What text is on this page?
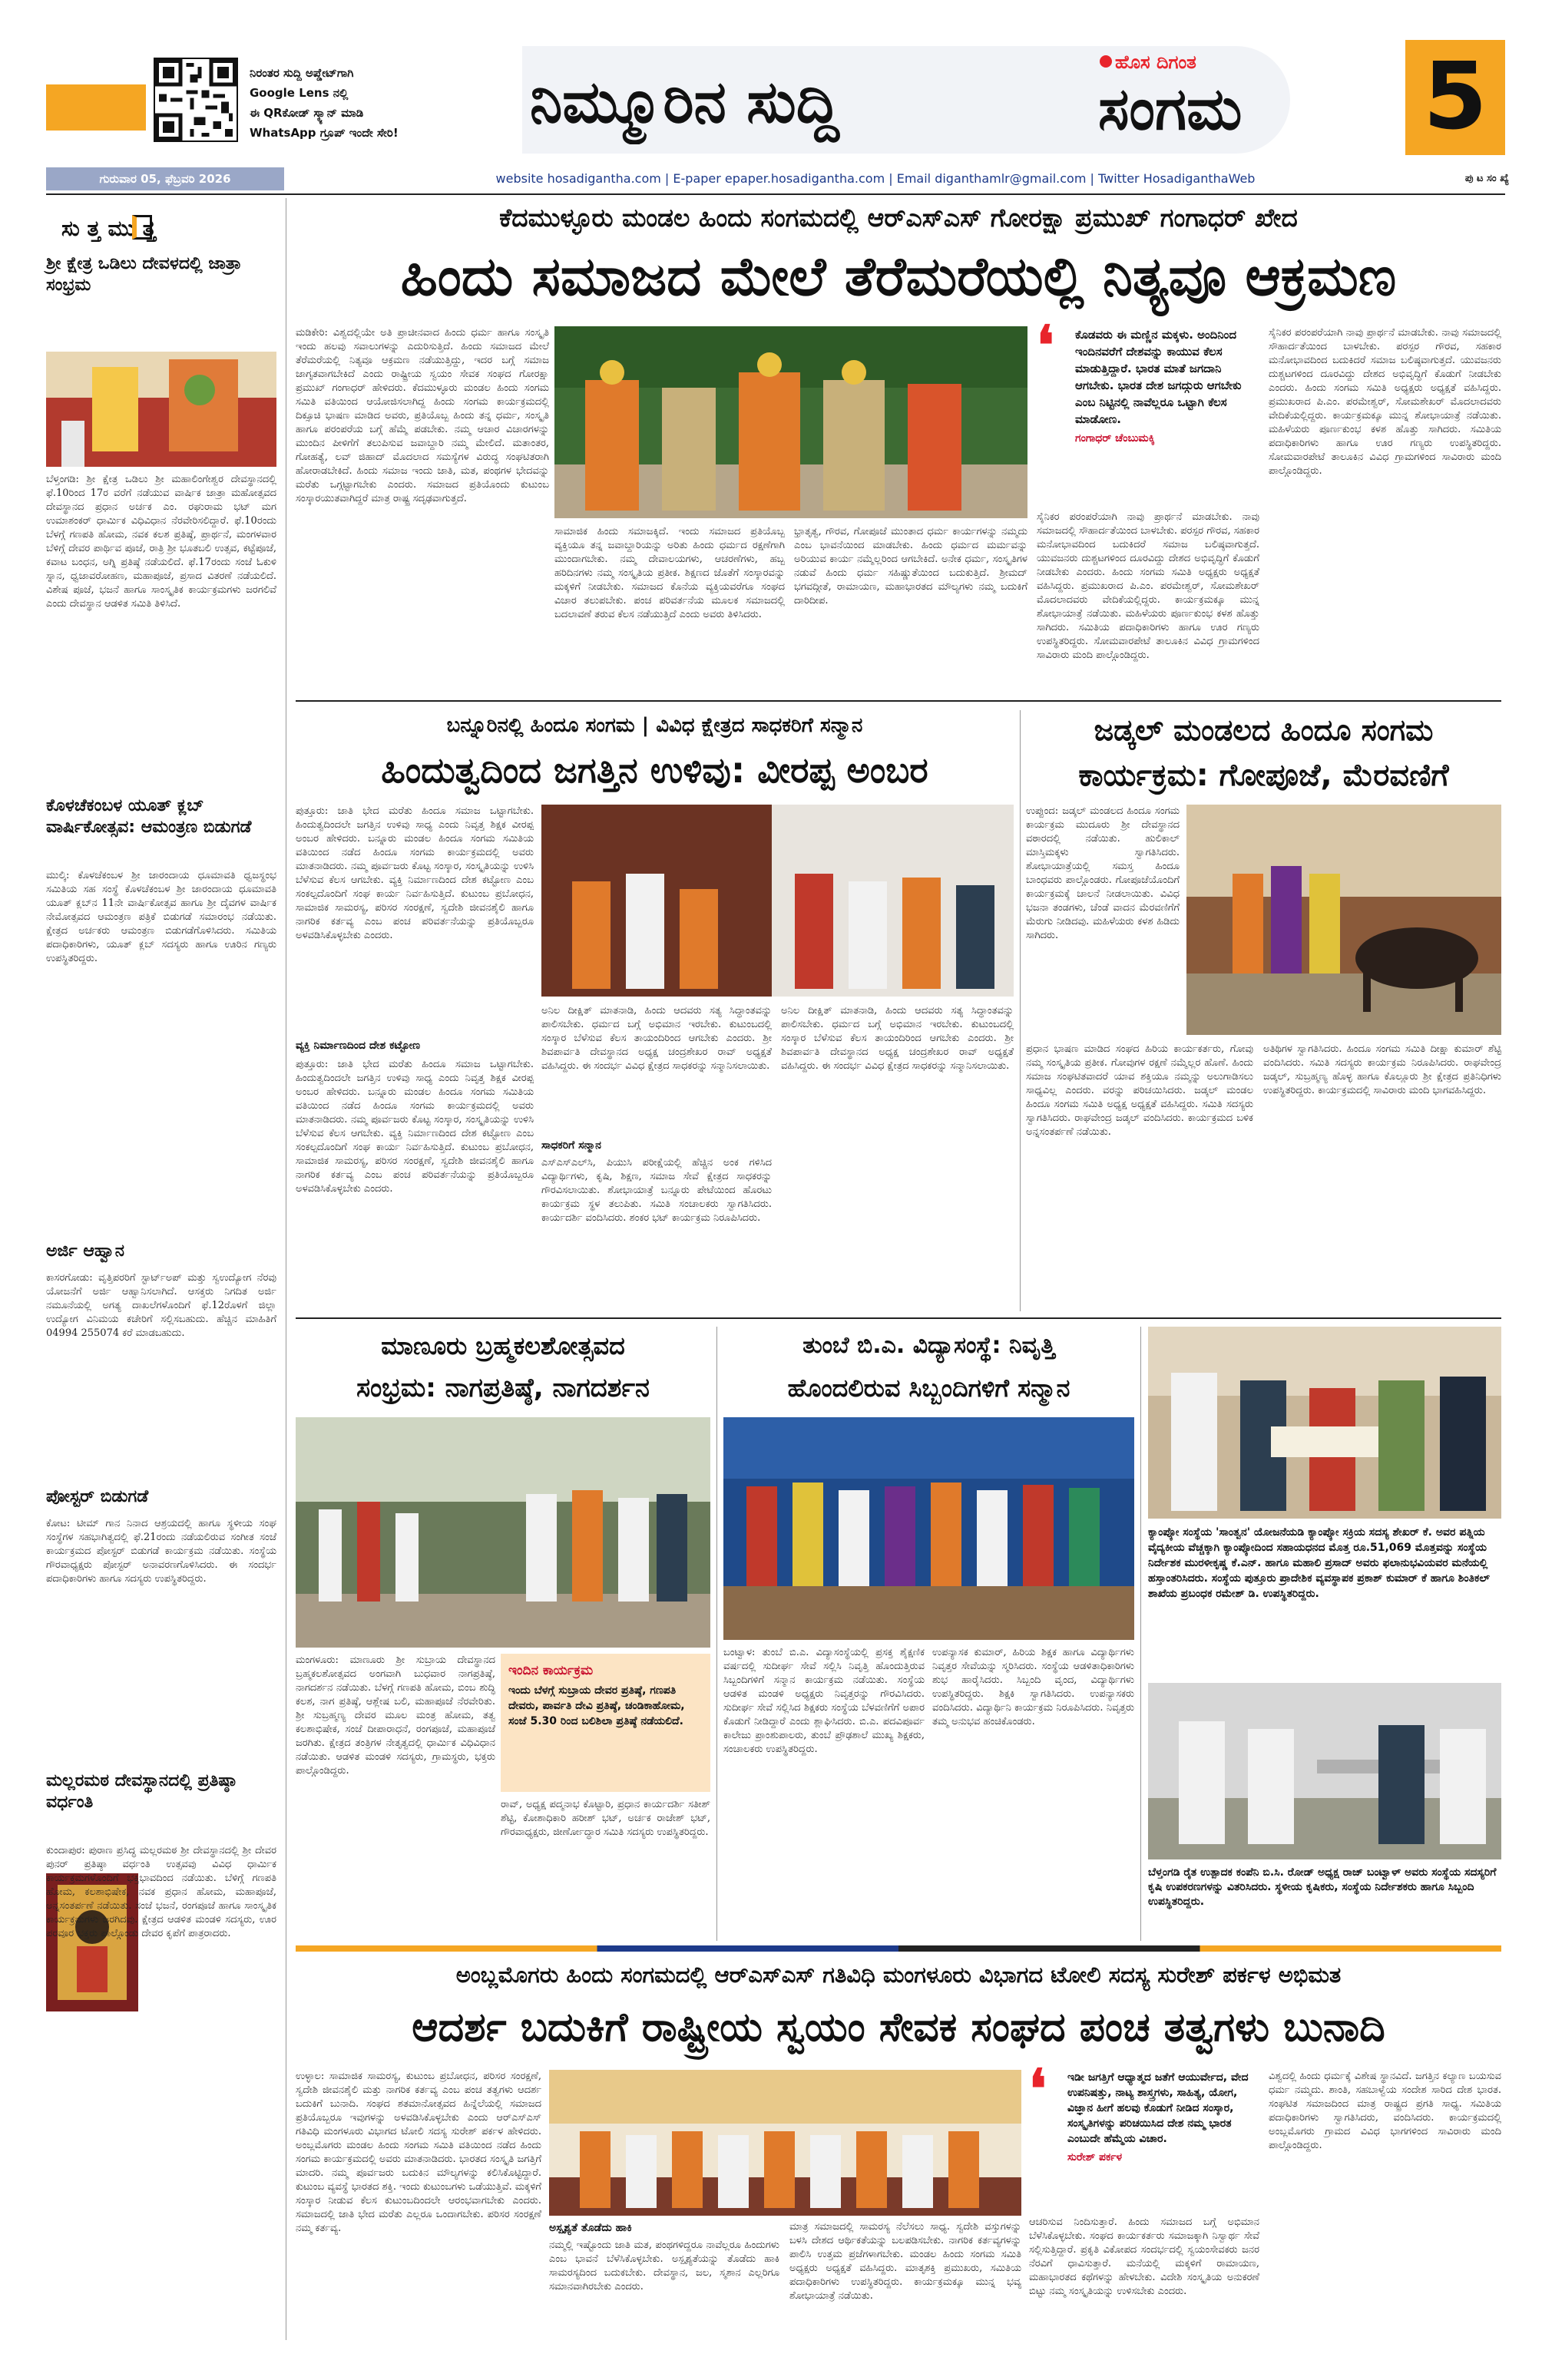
ನಿರಂತರ ಸುದ್ದಿ ಅಪ್ಡೇಟ್‌ಗಾಗಿ
Google Lens ನಲ್ಲಿ
ಈ QRಕೋಡ್ ಸ್ಕ್ಯಾನ್ ಮಾಡಿ
WhatsApp ಗ್ರೂಪ್ ಇಂದೇ ಸೇರಿ!	ನಿಮ್ಮೂರಿನ ಸುದ್ದಿ
ಹೊಸ ದಿಗಂತ
ಸಂಗಮ	5
ಗುರುವಾರ 05, ಫೆಬ್ರವರಿ 2026	website hosadigantha.com | E-paper epaper.hosadigantha.com | Email diganthamlr@gmail.com | Twitter HosadiganthaWeb	ಪು ಟ ಸಂ ಖ್ಯೆ
ಸು ತ್ತ ಮು ತ್ತ
ಶ್ರೀ ಕ್ಷೇತ್ರ ಒಡಿಲು ದೇವಳದಲ್ಲಿ ಜಾತ್ರಾ ಸಂಭ್ರಮ
ಬೆಳ್ತಂಗಡಿ: ಶ್ರೀ ಕ್ಷೇತ್ರ ಒಡಿಲು ಶ್ರೀ ಮಹಾಲಿಂಗೇಶ್ವರ ದೇವಸ್ಥಾನದಲ್ಲಿ ಫೆ.10ರಿಂದ 17ರ ವರೆಗೆ ನಡೆಯುವ ವಾರ್ಷಿಕ ಜಾತ್ರಾ ಮಹೋತ್ಸವದ ದೇವಸ್ಥಾನದ ಪ್ರಧಾನ ಅರ್ಚಕ ಎಂ. ರಘುರಾಮ ಭಟ್ ಮಗ ಉಮಾಶಂಕರ್ ಧಾರ್ಮಿಕ ವಿಧಿವಿಧಾನ ನೆರವೇರಿಸಲಿದ್ದಾರೆ. ಫೆ.10ರಂದು ಬೆಳಗ್ಗೆ ಗಣಪತಿ ಹೋಮ, ನವಕ ಕಲಶ ಪ್ರತಿಷ್ಠೆ, ಪ್ರಾರ್ಥನೆ, ಮಂಗಳವಾರ ಬೆಳಿಗ್ಗೆ ದೇವರ ಪಾರ್ಥಿವ ಪೂಜೆ, ರಾತ್ರಿ ಶ್ರೀ ಭೂತಬಲಿ ಉತ್ಸವ, ಕಟ್ಟೆಪೂಜೆ, ಕವಾಟ ಬಂಧನ, ಅಗ್ನಿ ಪ್ರತಿಷ್ಠೆ ನಡೆಯಲಿದೆ. ಫೆ.17ರಂದು ಸಂಜೆ ಓಕುಳಿ ಸ್ನಾನ, ಧ್ವಜಾವರೋಹಣ, ಮಹಾಪೂಜೆ, ಪ್ರಸಾದ ವಿತರಣೆ ನಡೆಯಲಿದೆ. ವಿಶೇಷ ಪೂಜೆ, ಭಜನೆ ಹಾಗೂ ಸಾಂಸ್ಕೃತಿಕ ಕಾರ್ಯಕ್ರಮಗಳು ಜರಗಲಿವೆ ಎಂದು ದೇವಸ್ಥಾನ ಆಡಳಿತ ಸಮಿತಿ ತಿಳಿಸಿದೆ.
ಕೊಳಚೆಕಂಬಳ ಯೂತ್ ಕ್ಲಬ್ ವಾರ್ಷಿಕೋತ್ಸವ: ಆಮಂತ್ರಣ ಬಿಡುಗಡೆ
ಮುಲ್ಕಿ: ಕೊಳಚೆಕಂಬಳ ಶ್ರೀ ಜಾರಂದಾಯ ಧೂಮಾವತಿ ಧ್ವಜಸ್ಥಂಭ ಸಮಿತಿಯ ಸಹ ಸಂಸ್ಥೆ ಕೊಳಚೆಕಂಬಳ ಶ್ರೀ ಜಾರಂದಾಯ ಧೂಮಾವತಿ ಯೂತ್ ಕ್ಲಬ್‌ನ 11ನೇ ವಾರ್ಷಿಕೋತ್ಸವ ಹಾಗೂ ಶ್ರೀ ದೈವಗಳ ವಾರ್ಷಿಕ ನೇಮೋತ್ಸವದ ಆಮಂತ್ರಣ ಪತ್ರಿಕೆ ಬಿಡುಗಡೆ ಸಮಾರಂಭ ನಡೆಯಿತು. ಕ್ಷೇತ್ರದ ಅರ್ಚಕರು ಆಮಂತ್ರಣ ಬಿಡುಗಡೆಗೊಳಿಸಿದರು. ಸಮಿತಿಯ ಪದಾಧಿಕಾರಿಗಳು, ಯೂತ್ ಕ್ಲಬ್ ಸದಸ್ಯರು ಹಾಗೂ ಊರಿನ ಗಣ್ಯರು ಉಪಸ್ಥಿತರಿದ್ದರು.
ಅರ್ಜಿ ಆಹ್ವಾನ
ಕಾಸರಗೋಡು: ವೃತ್ತಿಪರರಿಗೆ ಸ್ಟಾರ್ಟ್‌ಅಪ್ ಮತ್ತು ಸ್ವಉದ್ಯೋಗ ನೆರವು ಯೋಜನೆಗೆ ಅರ್ಜಿ ಆಹ್ವಾನಿಸಲಾಗಿದೆ. ಆಸಕ್ತರು ನಿಗದಿತ ಅರ್ಜಿ ನಮೂನೆಯಲ್ಲಿ ಅಗತ್ಯ ದಾಖಲೆಗಳೊಂದಿಗೆ ಫೆ.12ರೊಳಗೆ ಜಿಲ್ಲಾ ಉದ್ಯೋಗ ವಿನಿಮಯ ಕಚೇರಿಗೆ ಸಲ್ಲಿಸಬಹುದು. ಹೆಚ್ಚಿನ ಮಾಹಿತಿಗೆ 04994 255074 ಕರೆ ಮಾಡಬಹುದು.
ಪೋಸ್ಟರ್ ಬಿಡುಗಡೆ
ಕೋಟ: ಟೀಮ್ ಗಾನ ನಿನಾದ ಆಶ್ರಯದಲ್ಲಿ ಹಾಗೂ ಸ್ಥಳೀಯ ಸಂಘ ಸಂಸ್ಥೆಗಳ ಸಹಭಾಗಿತ್ವದಲ್ಲಿ ಫೆ.21ರಂದು ನಡೆಯಲಿರುವ ಸಂಗೀತ ಸಂಜೆ ಕಾರ್ಯಕ್ರಮದ ಪೋಸ್ಟರ್ ಬಿಡುಗಡೆ ಕಾರ್ಯಕ್ರಮ ನಡೆಯಿತು. ಸಂಸ್ಥೆಯ ಗೌರವಾಧ್ಯಕ್ಷರು ಪೋಸ್ಟರ್ ಅನಾವರಣಗೊಳಿಸಿದರು. ಈ ಸಂದರ್ಭ ಪದಾಧಿಕಾರಿಗಳು ಹಾಗೂ ಸದಸ್ಯರು ಉಪಸ್ಥಿತರಿದ್ದರು.
ಮಲ್ಲರಮಠ ದೇವಸ್ಥಾನದಲ್ಲಿ ಪ್ರತಿಷ್ಠಾ ವರ್ಧಂತಿ
ಕುಂದಾಪುರ: ಪುರಾಣ ಪ್ರಸಿದ್ಧ ಮಲ್ಲರಮಠ ಶ್ರೀ ದೇವಸ್ಥಾನದಲ್ಲಿ ಶ್ರೀ ದೇವರ ಪುನರ್ ಪ್ರತಿಷ್ಠಾ ವರ್ಧಂತಿ ಉತ್ಸವವು ವಿವಿಧ ಧಾರ್ಮಿಕ ಕಾರ್ಯಕ್ರಮಗಳೊಂದಿಗೆ ಭಕ್ತಿಭಾವದಿಂದ ನಡೆಯಿತು. ಬೆಳಿಗ್ಗೆ ಗಣಪತಿ ಹೋಮ, ಕಲಶಾಭಿಷೇಕ, ನವಕ ಪ್ರಧಾನ ಹೋಮ, ಮಹಾಪೂಜೆ, ಅನ್ನಸಂತರ್ಪಣೆ ನಡೆಯಿತು. ಸಂಜೆ ಭಜನೆ, ರಂಗಪೂಜೆ ಹಾಗೂ ಸಾಂಸ್ಕೃತಿಕ ಕಾರ್ಯಕ್ರಮಗಳು ಜರಗಿದವು. ಕ್ಷೇತ್ರದ ಆಡಳಿತ ಮಂಡಳಿ ಸದಸ್ಯರು, ಊರ ಪರವೂರ ಭಕ್ತರು ಪಾಲ್ಗೊಂಡು ದೇವರ ಕೃಪೆಗೆ ಪಾತ್ರರಾದರು.
ಕೆದಮುಳ್ಳೂರು ಮಂಡಲ ಹಿಂದು ಸಂಗಮದಲ್ಲಿ ಆರ್‌ಎಸ್‌ಎಸ್ ಗೋರಕ್ಷಾ ಪ್ರಮುಖ್ ಗಂಗಾಧರ್ ಖೇದ
ಹಿಂದು ಸಮಾಜದ ಮೇಲೆ ತೆರೆಮರೆಯಲ್ಲಿ ನಿತ್ಯವೂ ಆಕ್ರಮಣ
ಮಡಿಕೇರಿ: ವಿಶ್ವದಲ್ಲಿಯೇ ಅತಿ ಪ್ರಾಚೀನವಾದ ಹಿಂದು ಧರ್ಮ ಹಾಗೂ ಸಂಸ್ಕೃತಿ ಇಂದು ಹಲವು ಸವಾಲುಗಳನ್ನು ಎದುರಿಸುತ್ತಿದೆ. ಹಿಂದು ಸಮಾಜದ ಮೇಲೆ ತೆರೆಮರೆಯಲ್ಲಿ ನಿತ್ಯವೂ ಆಕ್ರಮಣ ನಡೆಯುತ್ತಿದ್ದು, ಇದರ ಬಗ್ಗೆ ಸಮಾಜ ಜಾಗೃತವಾಗಬೇಕಿದೆ ಎಂದು ರಾಷ್ಟ್ರೀಯ ಸ್ವಯಂ ಸೇವಕ ಸಂಘದ ಗೋರಕ್ಷಾ ಪ್ರಮುಖ್ ಗಂಗಾಧರ್ ಹೇಳಿದರು. ಕೆದಮುಳ್ಳೂರು ಮಂಡಲ ಹಿಂದು ಸಂಗಮ ಸಮಿತಿ ವತಿಯಿಂದ ಆಯೋಜಿಸಲಾಗಿದ್ದ ಹಿಂದು ಸಂಗಮ ಕಾರ್ಯಕ್ರಮದಲ್ಲಿ ದಿಕ್ಸೂಚಿ ಭಾಷಣ ಮಾಡಿದ ಅವರು, ಪ್ರತಿಯೊಬ್ಬ ಹಿಂದು ತನ್ನ ಧರ್ಮ, ಸಂಸ್ಕೃತಿ ಹಾಗೂ ಪರಂಪರೆಯ ಬಗ್ಗೆ ಹೆಮ್ಮೆ ಪಡಬೇಕು. ನಮ್ಮ ಆಚಾರ ವಿಚಾರಗಳನ್ನು ಮುಂದಿನ ಪೀಳಿಗೆಗೆ ತಲುಪಿಸುವ ಜವಾಬ್ದಾರಿ ನಮ್ಮ ಮೇಲಿದೆ. ಮತಾಂತರ, ಗೋಹತ್ಯೆ, ಲವ್ ಜಿಹಾದ್ ಮೊದಲಾದ ಸಮಸ್ಯೆಗಳ ವಿರುದ್ಧ ಸಂಘಟಿತರಾಗಿ ಹೋರಾಡಬೇಕಿದೆ. ಹಿಂದು ಸಮಾಜ ಇಂದು ಜಾತಿ, ಮತ, ಪಂಥಗಳ ಭೇದವನ್ನು ಮರೆತು ಒಗ್ಗಟ್ಟಾಗಬೇಕು ಎಂದರು. ಸಮಾಜದ ಪ್ರತಿಯೊಂದು ಕುಟುಂಬ ಸಂಸ್ಕಾರಯುತವಾಗಿದ್ದರೆ ಮಾತ್ರ ರಾಷ್ಟ್ರ ಸದೃಢವಾಗುತ್ತದೆ.
ಸಾಮಾಜಿಕ ಹಿಂದು ಸಮಾಜಕ್ಕಿದೆ. ಇಂದು ಸಮಾಜದ ಪ್ರತಿಯೊಬ್ಬ ವ್ಯಕ್ತಿಯೂ ತನ್ನ ಜವಾಬ್ದಾರಿಯನ್ನು ಅರಿತು ಹಿಂದು ಧರ್ಮದ ರಕ್ಷಣೆಗಾಗಿ ಮುಂದಾಗಬೇಕು. ನಮ್ಮ ದೇವಾಲಯಗಳು, ಆಚರಣೆಗಳು, ಹಬ್ಬ ಹರಿದಿನಗಳು ನಮ್ಮ ಸಂಸ್ಕೃತಿಯ ಪ್ರತೀಕ. ಶಿಕ್ಷಣದ ಜೊತೆಗೆ ಸಂಸ್ಕಾರವನ್ನು ಮಕ್ಕಳಿಗೆ ನೀಡಬೇಕು. ಸಮಾಜದ ಕೊನೆಯ ವ್ಯಕ್ತಿಯವರೆಗೂ ಸಂಘದ ವಿಚಾರ ತಲುಪಬೇಕು. ಪಂಚ ಪರಿವರ್ತನೆಯ ಮೂಲಕ ಸಮಾಜದಲ್ಲಿ ಬದಲಾವಣೆ ತರುವ ಕೆಲಸ ನಡೆಯುತ್ತಿದೆ ಎಂದು ಅವರು ತಿಳಿಸಿದರು.
ಭ್ರಾತೃತ್ವ, ಗೌರವ, ಗೋಪೂಜೆ ಮುಂತಾದ ಧರ್ಮ ಕಾರ್ಯಗಳನ್ನು ನಮ್ಮದು ಎಂಬ ಭಾವನೆಯಿಂದ ಮಾಡಬೇಕು. ಹಿಂದು ಧರ್ಮದ ಮರ್ಮವನ್ನು ಅರಿಯುವ ಕಾರ್ಯ ನಮ್ಮೆಲ್ಲರಿಂದ ಆಗಬೇಕಿದೆ. ಅನೇಕ ಧರ್ಮ, ಸಂಸ್ಕೃತಿಗಳ ನಡುವೆ ಹಿಂದು ಧರ್ಮ ಸಹಿಷ್ಣುತೆಯಿಂದ ಬದುಕುತ್ತಿದೆ. ಶ್ರೀಮದ್ ಭಗವದ್ಗೀತೆ, ರಾಮಾಯಣ, ಮಹಾಭಾರತದ ಮೌಲ್ಯಗಳು ನಮ್ಮ ಬದುಕಿಗೆ ದಾರಿದೀಪ.
❛ ಕೊಡವರು ಈ ಮಣ್ಣಿನ ಮಕ್ಕಳು. ಅಂದಿನಿಂದ ಇಂದಿನವರೆಗೆ ದೇಶವನ್ನು ಕಾಯುವ ಕೆಲಸ ಮಾಡುತ್ತಿದ್ದಾರೆ. ಭಾರತ ಮಾತೆ ಜಗದಾನಿ ಆಗಬೇಕು. ಭಾರತ ದೇಶ ಜಗದ್ಗುರು ಆಗಬೇಕು ಎಂಬ ನಿಟ್ಟಿನಲ್ಲಿ ನಾವೆಲ್ಲರೂ ಒಟ್ಟಾಗಿ ಕೆಲಸ ಮಾಡೋಣ.
ಗಂಗಾಧರ್ ಚೆಂಬುಮಕ್ಕಿ
ಸೈನಿಕರ ಪರಂಪರೆಯಾಗಿ ನಾವು ಪ್ರಾರ್ಥನೆ ಮಾಡಬೇಕು. ನಾವು ಸಮಾಜದಲ್ಲಿ ಸೌಹಾರ್ದತೆಯಿಂದ ಬಾಳಬೇಕು. ಪರಸ್ಪರ ಗೌರವ, ಸಹಕಾರ ಮನೋಭಾವದಿಂದ ಬದುಕಿದರೆ ಸಮಾಜ ಬಲಿಷ್ಠವಾಗುತ್ತದೆ. ಯುವಜನರು ದುಶ್ಚಟಗಳಿಂದ ದೂರವಿದ್ದು ದೇಶದ ಅಭಿವೃದ್ಧಿಗೆ ಕೊಡುಗೆ ನೀಡಬೇಕು ಎಂದರು. ಹಿಂದು ಸಂಗಮ ಸಮಿತಿ ಅಧ್ಯಕ್ಷರು ಅಧ್ಯಕ್ಷತೆ ವಹಿಸಿದ್ದರು. ಪ್ರಮುಖರಾದ ಪಿ.ಎಂ. ಪರಮೇಶ್ವರ್, ಸೋಮಶೇಖರ್ ಮೊದಲಾದವರು ವೇದಿಕೆಯಲ್ಲಿದ್ದರು. ಕಾರ್ಯಕ್ರಮಕ್ಕೂ ಮುನ್ನ ಶೋಭಾಯಾತ್ರೆ ನಡೆಯಿತು. ಮಹಿಳೆಯರು ಪೂರ್ಣಕುಂಭ ಕಳಶ ಹೊತ್ತು ಸಾಗಿದರು. ಸಮಿತಿಯ ಪದಾಧಿಕಾರಿಗಳು ಹಾಗೂ ಊರ ಗಣ್ಯರು ಉಪಸ್ಥಿತರಿದ್ದರು. ಸೋಮವಾರಪೇಟೆ ತಾಲೂಕಿನ ವಿವಿಧ ಗ್ರಾಮಗಳಿಂದ ಸಾವಿರಾರು ಮಂದಿ ಪಾಲ್ಗೊಂಡಿದ್ದರು.
ಸೈನಿಕರ ಪರಂಪರೆಯಾಗಿ ನಾವು ಪ್ರಾರ್ಥನೆ ಮಾಡಬೇಕು. ನಾವು ಸಮಾಜದಲ್ಲಿ ಸೌಹಾರ್ದತೆಯಿಂದ ಬಾಳಬೇಕು. ಪರಸ್ಪರ ಗೌರವ, ಸಹಕಾರ ಮನೋಭಾವದಿಂದ ಬದುಕಿದರೆ ಸಮಾಜ ಬಲಿಷ್ಠವಾಗುತ್ತದೆ. ಯುವಜನರು ದುಶ್ಚಟಗಳಿಂದ ದೂರವಿದ್ದು ದೇಶದ ಅಭಿವೃದ್ಧಿಗೆ ಕೊಡುಗೆ ನೀಡಬೇಕು ಎಂದರು. ಹಿಂದು ಸಂಗಮ ಸಮಿತಿ ಅಧ್ಯಕ್ಷರು ಅಧ್ಯಕ್ಷತೆ ವಹಿಸಿದ್ದರು. ಪ್ರಮುಖರಾದ ಪಿ.ಎಂ. ಪರಮೇಶ್ವರ್, ಸೋಮಶೇಖರ್ ಮೊದಲಾದವರು ವೇದಿಕೆಯಲ್ಲಿದ್ದರು. ಕಾರ್ಯಕ್ರಮಕ್ಕೂ ಮುನ್ನ ಶೋಭಾಯಾತ್ರೆ ನಡೆಯಿತು. ಮಹಿಳೆಯರು ಪೂರ್ಣಕುಂಭ ಕಳಶ ಹೊತ್ತು ಸಾಗಿದರು. ಸಮಿತಿಯ ಪದಾಧಿಕಾರಿಗಳು ಹಾಗೂ ಊರ ಗಣ್ಯರು ಉಪಸ್ಥಿತರಿದ್ದರು. ಸೋಮವಾರಪೇಟೆ ತಾಲೂಕಿನ ವಿವಿಧ ಗ್ರಾಮಗಳಿಂದ ಸಾವಿರಾರು ಮಂದಿ ಪಾಲ್ಗೊಂಡಿದ್ದರು.
ಬನ್ನೂರಿನಲ್ಲಿ ಹಿಂದೂ ಸಂಗಮ | ವಿವಿಧ ಕ್ಷೇತ್ರದ ಸಾಧಕರಿಗೆ ಸನ್ಮಾನ
ಹಿಂದುತ್ವದಿಂದ ಜಗತ್ತಿನ ಉಳಿವು: ವೀರಪ್ಪ ಅಂಬರ
ಪುತ್ತೂರು: ಜಾತಿ ಭೇದ ಮರೆತು ಹಿಂದೂ ಸಮಾಜ ಒಟ್ಟಾಗಬೇಕು. ಹಿಂದುತ್ವದಿಂದಲೇ ಜಗತ್ತಿನ ಉಳಿವು ಸಾಧ್ಯ ಎಂದು ನಿವೃತ್ತ ಶಿಕ್ಷಕ ವೀರಪ್ಪ ಅಂಬರ ಹೇಳಿದರು. ಬನ್ನೂರು ಮಂಡಲ ಹಿಂದೂ ಸಂಗಮ ಸಮಿತಿಯ ವತಿಯಿಂದ ನಡೆದ ಹಿಂದೂ ಸಂಗಮ ಕಾರ್ಯಕ್ರಮದಲ್ಲಿ ಅವರು ಮಾತನಾಡಿದರು. ನಮ್ಮ ಪೂರ್ವಜರು ಕೊಟ್ಟ ಸಂಸ್ಕಾರ, ಸಂಸ್ಕೃತಿಯನ್ನು ಉಳಿಸಿ ಬೆಳೆಸುವ ಕೆಲಸ ಆಗಬೇಕು. ವ್ಯಕ್ತಿ ನಿರ್ಮಾಣದಿಂದ ದೇಶ ಕಟ್ಟೋಣ ಎಂಬ ಸಂಕಲ್ಪದೊಂದಿಗೆ ಸಂಘ ಕಾರ್ಯ ನಿರ್ವಹಿಸುತ್ತಿದೆ. ಕುಟುಂಬ ಪ್ರಬೋಧನ, ಸಾಮಾಜಿಕ ಸಾಮರಸ್ಯ, ಪರಿಸರ ಸಂರಕ್ಷಣೆ, ಸ್ವದೇಶಿ ಜೀವನಶೈಲಿ ಹಾಗೂ ನಾಗರಿಕ ಕರ್ತವ್ಯ ಎಂಬ ಪಂಚ ಪರಿವರ್ತನೆಯನ್ನು ಪ್ರತಿಯೊಬ್ಬರೂ ಅಳವಡಿಸಿಕೊಳ್ಳಬೇಕು ಎಂದರು.
ವ್ಯಕ್ತಿ ನಿರ್ಮಾಣದಿಂದ ದೇಶ ಕಟ್ಟೋಣ
ಪುತ್ತೂರು: ಜಾತಿ ಭೇದ ಮರೆತು ಹಿಂದೂ ಸಮಾಜ ಒಟ್ಟಾಗಬೇಕು. ಹಿಂದುತ್ವದಿಂದಲೇ ಜಗತ್ತಿನ ಉಳಿವು ಸಾಧ್ಯ ಎಂದು ನಿವೃತ್ತ ಶಿಕ್ಷಕ ವೀರಪ್ಪ ಅಂಬರ ಹೇಳಿದರು. ಬನ್ನೂರು ಮಂಡಲ ಹಿಂದೂ ಸಂಗಮ ಸಮಿತಿಯ ವತಿಯಿಂದ ನಡೆದ ಹಿಂದೂ ಸಂಗಮ ಕಾರ್ಯಕ್ರಮದಲ್ಲಿ ಅವರು ಮಾತನಾಡಿದರು. ನಮ್ಮ ಪೂರ್ವಜರು ಕೊಟ್ಟ ಸಂಸ್ಕಾರ, ಸಂಸ್ಕೃತಿಯನ್ನು ಉಳಿಸಿ ಬೆಳೆಸುವ ಕೆಲಸ ಆಗಬೇಕು. ವ್ಯಕ್ತಿ ನಿರ್ಮಾಣದಿಂದ ದೇಶ ಕಟ್ಟೋಣ ಎಂಬ ಸಂಕಲ್ಪದೊಂದಿಗೆ ಸಂಘ ಕಾರ್ಯ ನಿರ್ವಹಿಸುತ್ತಿದೆ. ಕುಟುಂಬ ಪ್ರಬೋಧನ, ಸಾಮಾಜಿಕ ಸಾಮರಸ್ಯ, ಪರಿಸರ ಸಂರಕ್ಷಣೆ, ಸ್ವದೇಶಿ ಜೀವನಶೈಲಿ ಹಾಗೂ ನಾಗರಿಕ ಕರ್ತವ್ಯ ಎಂಬ ಪಂಚ ಪರಿವರ್ತನೆಯನ್ನು ಪ್ರತಿಯೊಬ್ಬರೂ ಅಳವಡಿಸಿಕೊಳ್ಳಬೇಕು ಎಂದರು.
ಅನಿಲ ದೀಕ್ಷಿತ್ ಮಾತನಾಡಿ, ಹಿಂದು ಆದವರು ಸತ್ಯ ಸಿದ್ಧಾಂತವನ್ನು ಪಾಲಿಸಬೇಕು. ಧರ್ಮದ ಬಗ್ಗೆ ಅಭಿಮಾನ ಇರಬೇಕು. ಕುಟುಂಬದಲ್ಲಿ ಸಂಸ್ಕಾರ ಬೆಳೆಸುವ ಕೆಲಸ ತಾಯಂದಿರಿಂದ ಆಗಬೇಕು ಎಂದರು. ಶ್ರೀ ಶಿವಪಾರ್ವತಿ ದೇವಸ್ಥಾನದ ಅಧ್ಯಕ್ಷ ಚಂದ್ರಶೇಖರ ರಾವ್ ಅಧ್ಯಕ್ಷತೆ ವಹಿಸಿದ್ದರು. ಈ ಸಂದರ್ಭ ವಿವಿಧ ಕ್ಷೇತ್ರದ ಸಾಧಕರನ್ನು ಸನ್ಮಾನಿಸಲಾಯಿತು.
ಸಾಧಕರಿಗೆ ಸನ್ಮಾನ
ಎಸ್‌ಎಸ್‌ಎಲ್‌ಸಿ, ಪಿಯುಸಿ ಪರೀಕ್ಷೆಯಲ್ಲಿ ಹೆಚ್ಚಿನ ಅಂಕ ಗಳಿಸಿದ ವಿದ್ಯಾರ್ಥಿಗಳು, ಕೃಷಿ, ಶಿಕ್ಷಣ, ಸಮಾಜ ಸೇವೆ ಕ್ಷೇತ್ರದ ಸಾಧಕರನ್ನು ಗೌರವಿಸಲಾಯಿತು. ಶೋಭಾಯಾತ್ರೆ ಬನ್ನೂರು ಪೇಟೆಯಿಂದ ಹೊರಟು ಕಾರ್ಯಕ್ರಮ ಸ್ಥಳ ತಲುಪಿತು. ಸಮಿತಿ ಸಂಚಾಲಕರು ಸ್ವಾಗತಿಸಿದರು. ಕಾರ್ಯದರ್ಶಿ ವಂದಿಸಿದರು. ಶಂಕರ ಭಟ್ ಕಾರ್ಯಕ್ರಮ ನಿರೂಪಿಸಿದರು.
ಅನಿಲ ದೀಕ್ಷಿತ್ ಮಾತನಾಡಿ, ಹಿಂದು ಆದವರು ಸತ್ಯ ಸಿದ್ಧಾಂತವನ್ನು ಪಾಲಿಸಬೇಕು. ಧರ್ಮದ ಬಗ್ಗೆ ಅಭಿಮಾನ ಇರಬೇಕು. ಕುಟುಂಬದಲ್ಲಿ ಸಂಸ್ಕಾರ ಬೆಳೆಸುವ ಕೆಲಸ ತಾಯಂದಿರಿಂದ ಆಗಬೇಕು ಎಂದರು. ಶ್ರೀ ಶಿವಪಾರ್ವತಿ ದೇವಸ್ಥಾನದ ಅಧ್ಯಕ್ಷ ಚಂದ್ರಶೇಖರ ರಾವ್ ಅಧ್ಯಕ್ಷತೆ ವಹಿಸಿದ್ದರು. ಈ ಸಂದರ್ಭ ವಿವಿಧ ಕ್ಷೇತ್ರದ ಸಾಧಕರನ್ನು ಸನ್ಮಾನಿಸಲಾಯಿತು.
ಜಡ್ಕಲ್ ಮಂಡಲದ ಹಿಂದೂ ಸಂಗಮ
ಕಾರ್ಯಕ್ರಮ: ಗೋಪೂಜೆ, ಮೆರವಣಿಗೆ
ಉಪ್ಪುಂದ: ಜಡ್ಕಲ್ ಮಂಡಲದ ಹಿಂದೂ ಸಂಗಮ ಕಾರ್ಯಕ್ರಮ ಮುದೂರು ಶ್ರೀ ದೇವಸ್ಥಾನದ ವಠಾರದಲ್ಲಿ ನಡೆಯಿತು. ಹುಲಿಕಾಲ್ ಮಾಸ್ತಿಮಕ್ಕಳು ಸ್ವಾಗತಿಸಿದರು. ಶೋಭಾಯಾತ್ರೆಯಲ್ಲಿ ಸಮಸ್ತ ಹಿಂದೂ ಬಾಂಧವರು ಪಾಲ್ಗೊಂಡರು. ಗೋಪೂಜೆಯೊಂದಿಗೆ ಕಾರ್ಯಕ್ರಮಕ್ಕೆ ಚಾಲನೆ ನೀಡಲಾಯಿತು. ವಿವಿಧ ಭಜನಾ ತಂಡಗಳು, ಚೆಂಡೆ ವಾದನ ಮೆರವಣಿಗೆಗೆ ಮೆರುಗು ನೀಡಿದವು. ಮಹಿಳೆಯರು ಕಳಶ ಹಿಡಿದು ಸಾಗಿದರು.
ಪ್ರಧಾನ ಭಾಷಣ ಮಾಡಿದ ಸಂಘದ ಹಿರಿಯ ಕಾರ್ಯಕರ್ತರು, ಗೋವು ನಮ್ಮ ಸಂಸ್ಕೃತಿಯ ಪ್ರತೀಕ. ಗೋವುಗಳ ರಕ್ಷಣೆ ನಮ್ಮೆಲ್ಲರ ಹೊಣೆ. ಹಿಂದು ಸಮಾಜ ಸಂಘಟಿತವಾದರೆ ಯಾವ ಶಕ್ತಿಯೂ ನಮ್ಮನ್ನು ಅಲುಗಾಡಿಸಲು ಸಾಧ್ಯವಿಲ್ಲ ಎಂದರು. ವರನ್ನು ಪರಿಚಯಿಸಿದರು. ಜಡ್ಕಲ್ ಮಂಡಲ ಹಿಂದೂ ಸಂಗಮ ಸಮಿತಿ ಅಧ್ಯಕ್ಷ ಅಧ್ಯಕ್ಷತೆ ವಹಿಸಿದ್ದರು. ಸಮಿತಿ ಸದಸ್ಯರು ಸ್ವಾಗತಿಸಿದರು. ರಾಘವೇಂದ್ರ ಜಡ್ಕಲ್ ವಂದಿಸಿದರು. ಕಾರ್ಯಕ್ರಮದ ಬಳಿಕ ಅನ್ನಸಂತರ್ಪಣೆ ನಡೆಯಿತು.
ಅತಿಥಿಗಳ ಸ್ವಾಗತಿಸಿದರು. ಹಿಂದೂ ಸಂಗಮ ಸಮಿತಿ ದೀಕ್ಷಾ ಕುಮಾರ್ ಶೆಟ್ಟಿ ವಂದಿಸಿದರು. ಸಮಿತಿ ಸದಸ್ಯರು ಕಾರ್ಯಕ್ರಮ ನಿರೂಪಿಸಿದರು. ರಾಘವೇಂದ್ರ ಜಡ್ಕಲ್, ಸುಬ್ರಹ್ಮಣ್ಯ ಹೊಳ್ಳ ಹಾಗೂ ಕೊಲ್ಲೂರು ಶ್ರೀ ಕ್ಷೇತ್ರದ ಪ್ರತಿನಿಧಿಗಳು ಉಪಸ್ಥಿತರಿದ್ದರು. ಕಾರ್ಯಕ್ರಮದಲ್ಲಿ ಸಾವಿರಾರು ಮಂದಿ ಭಾಗವಹಿಸಿದ್ದರು.
ಮಾಣೂರು ಬ್ರಹ್ಮಕಲಶೋತ್ಸವದ
ಸಂಭ್ರಮ: ನಾಗಪ್ರತಿಷ್ಠೆ, ನಾಗದರ್ಶನ
ಮಂಗಳೂರು: ಮಾಣೂರು ಶ್ರೀ ಸುಬ್ರಾಯ ದೇವಸ್ಥಾನದ ಬ್ರಹ್ಮಕಲಶೋತ್ಸವದ ಅಂಗವಾಗಿ ಬುಧವಾರ ನಾಗಪ್ರತಿಷ್ಠೆ, ನಾಗದರ್ಶನ ನಡೆಯಿತು. ಬೆಳಗ್ಗೆ ಗಣಪತಿ ಹೋಮ, ಬಿಂಬ ಶುದ್ಧಿ ಕಲಶ, ನಾಗ ಪ್ರತಿಷ್ಠೆ, ಆಶ್ಲೇಷ ಬಲಿ, ಮಹಾಪೂಜೆ ನೆರವೇರಿತು. ಶ್ರೀ ಸುಬ್ರಹ್ಮಣ್ಯ ದೇವರ ಮೂಲ ಮಂತ್ರ ಹೋಮ, ತತ್ವ ಕಲಶಾಭಿಷೇಕ, ಸಂಜೆ ದೀಪಾರಾಧನೆ, ರಂಗಪೂಜೆ, ಮಹಾಪೂಜೆ ಜರಗಿತು. ಕ್ಷೇತ್ರದ ತಂತ್ರಿಗಳ ನೇತೃತ್ವದಲ್ಲಿ ಧಾರ್ಮಿಕ ವಿಧಿವಿಧಾನ ನಡೆಯಿತು. ಆಡಳಿತ ಮಂಡಳಿ ಸದಸ್ಯರು, ಗ್ರಾಮಸ್ಥರು, ಭಕ್ತರು ಪಾಲ್ಗೊಂಡಿದ್ದರು.
ಇಂದಿನ ಕಾರ್ಯಕ್ರಮ
ಇಂದು ಬೆಳಗ್ಗೆ ಸುಬ್ರಾಯ ದೇವರ ಪ್ರತಿಷ್ಠೆ, ಗಣಪತಿ ದೇವರು, ಪಾರ್ವತಿ ದೇವಿ ಪ್ರತಿಷ್ಠೆ, ಚಂಡಿಕಾಹೋಮ, ಸಂಜೆ 5.30 ರಿಂದ ಬಲಿಶಿಲಾ ಪ್ರತಿಷ್ಠೆ ನಡೆಯಲಿದೆ.
ರಾವ್, ಅಧ್ಯಕ್ಷ ಪದ್ಮನಾಭ ಕೊಟ್ಟಾರಿ, ಪ್ರಧಾನ ಕಾರ್ಯದರ್ಶಿ ಸತೀಶ್ ಶೆಟ್ಟಿ, ಕೋಶಾಧಿಕಾರಿ ಹರೀಶ್ ಭಟ್, ಅರ್ಚಕ ರಾಜೇಶ್ ಭಟ್, ಗೌರವಾಧ್ಯಕ್ಷರು, ಜೀರ್ಣೋದ್ಧಾರ ಸಮಿತಿ ಸದಸ್ಯರು ಉಪಸ್ಥಿತರಿದ್ದರು.
ತುಂಬೆ ಬಿ.ಎ. ವಿದ್ಯಾಸಂಸ್ಥೆ: ನಿವೃತ್ತಿ
ಹೊಂದಲಿರುವ ಸಿಬ್ಬಂದಿಗಳಿಗೆ ಸನ್ಮಾನ
ಬಂಟ್ವಾಳ: ತುಂಬೆ ಬಿ.ಎ. ವಿದ್ಯಾಸಂಸ್ಥೆಯಲ್ಲಿ ಪ್ರಸಕ್ತ ಶೈಕ್ಷಣಿಕ ವರ್ಷದಲ್ಲಿ ಸುದೀರ್ಘ ಸೇವೆ ಸಲ್ಲಿಸಿ ನಿವೃತ್ತಿ ಹೊಂದುತ್ತಿರುವ ಸಿಬ್ಬಂದಿಗಳಿಗೆ ಸನ್ಮಾನ ಕಾರ್ಯಕ್ರಮ ನಡೆಯಿತು. ಸಂಸ್ಥೆಯ ಆಡಳಿತ ಮಂಡಳಿ ಅಧ್ಯಕ್ಷರು ನಿವೃತ್ತರನ್ನು ಗೌರವಿಸಿದರು. ಸುದೀರ್ಘ ಸೇವೆ ಸಲ್ಲಿಸಿದ ಶಿಕ್ಷಕರು ಸಂಸ್ಥೆಯ ಬೆಳವಣಿಗೆಗೆ ಅಪಾರ ಕೊಡುಗೆ ನೀಡಿದ್ದಾರೆ ಎಂದು ಶ್ಲಾಘಿಸಿದರು. ಬಿ.ಎ. ಪದವಿಪೂರ್ವ ಕಾಲೇಜು ಪ್ರಾಂಶುಪಾಲರು, ತುಂಬೆ ಪ್ರೌಢಶಾಲೆ ಮುಖ್ಯ ಶಿಕ್ಷಕರು, ಸಂಚಾಲಕರು ಉಪಸ್ಥಿತರಿದ್ದರು.
ಉಪನ್ಯಾಸಕ ಕುಮಾರ್, ಹಿರಿಯ ಶಿಕ್ಷಕ ಹಾಗೂ ವಿದ್ಯಾರ್ಥಿಗಳು ನಿವೃತ್ತರ ಸೇವೆಯನ್ನು ಸ್ಮರಿಸಿದರು. ಸಂಸ್ಥೆಯ ಆಡಳಿತಾಧಿಕಾರಿಗಳು ಶುಭ ಹಾರೈಸಿದರು. ಸಿಬ್ಬಂದಿ ವೃಂದ, ವಿದ್ಯಾರ್ಥಿಗಳು ಉಪಸ್ಥಿತರಿದ್ದರು. ಶಿಕ್ಷಕಿ ಸ್ವಾಗತಿಸಿದರು. ಉಪನ್ಯಾಸಕರು ವಂದಿಸಿದರು. ವಿದ್ಯಾರ್ಥಿನಿ ಕಾರ್ಯಕ್ರಮ ನಿರೂಪಿಸಿದರು. ನಿವೃತ್ತರು ತಮ್ಮ ಅನುಭವ ಹಂಚಿಕೊಂಡರು.
ಕ್ಯಾಂಪ್ಕೋ ಸಂಸ್ಥೆಯ 'ಸಾಂತ್ವನ' ಯೋಜನೆಯಡಿ ಕ್ಯಾಂಪ್ಕೋ ಸಕ್ರಿಯ ಸದಸ್ಯ ಶೇಖರ್ ಕೆ. ಅವರ ಪತ್ನಿಯ ವೈದ್ಯಕೀಯ ವೆಚ್ಚಕ್ಕಾಗಿ ಕ್ಯಾಂಪ್ಕೋದಿಂದ ಸಹಾಯಧನದ ಮೊತ್ತ ರೂ.51,069 ಮೊತ್ತವನ್ನು ಸಂಸ್ಥೆಯ ನಿರ್ದೇಶಕ ಮುರಳೀಕೃಷ್ಣ ಕೆ.ಎನ್. ಹಾಗೂ ಮಹಾಲಿ ಪ್ರಸಾದ್ ಅವರು ಫಲಾನುಭವಿಯವರ ಮನೆಯಲ್ಲಿ ಹಸ್ತಾಂತರಿಸಿದರು. ಸಂಸ್ಥೆಯ ಪುತ್ತೂರು ಪ್ರಾದೇಶಿಕ ವ್ಯವಸ್ಥಾಪಕ ಪ್ರಕಾಶ್ ಕುಮಾರ್ ಕೆ ಹಾಗೂ ಶಿಂತಿಕಲ್ ಶಾಖೆಯ ಪ್ರಬಂಧಕ ರಮೇಶ್ ಡಿ. ಉಪಸ್ಥಿತರಿದ್ದರು.
ಬೆಳ್ತಂಗಡಿ ರೈತ ಉತ್ಪಾದಕ ಕಂಪೆನಿ ಬಿ.ಸಿ. ರೋಡ್ ಅಧ್ಯಕ್ಷ ರಾಜ್ ಬಂಟ್ವಾಳ್ ಅವರು ಸಂಸ್ಥೆಯ ಸದಸ್ಯರಿಗೆ ಕೃಷಿ ಉಪಕರಣಗಳನ್ನು ವಿತರಿಸಿದರು. ಸ್ಥಳೀಯ ಕೃಷಿಕರು, ಸಂಸ್ಥೆಯ ನಿರ್ದೇಶಕರು ಹಾಗೂ ಸಿಬ್ಬಂದಿ ಉಪಸ್ಥಿತರಿದ್ದರು.
ಅಂಬ್ಲಮೊಗರು ಹಿಂದು ಸಂಗಮದಲ್ಲಿ ಆರ್‌ಎಸ್‌ಎಸ್ ಗತಿವಿಧಿ ಮಂಗಳೂರು ವಿಭಾಗದ ಟೋಲಿ ಸದಸ್ಯ ಸುರೇಶ್ ಪರ್ಕಳ ಅಭಿಮತ
ಆದರ್ಶ ಬದುಕಿಗೆ ರಾಷ್ಟ್ರೀಯ ಸ್ವಯಂ ಸೇವಕ ಸಂಘದ ಪಂಚ ತತ್ವಗಳು ಬುನಾದಿ
ಉಳ್ಳಾಲ: ಸಾಮಾಜಿಕ ಸಾಮರಸ್ಯ, ಕುಟುಂಬ ಪ್ರಬೋಧನ, ಪರಿಸರ ಸಂರಕ್ಷಣೆ, ಸ್ವದೇಶಿ ಜೀವನಶೈಲಿ ಮತ್ತು ನಾಗರಿಕ ಕರ್ತವ್ಯ ಎಂಬ ಪಂಚ ತತ್ವಗಳು ಆದರ್ಶ ಬದುಕಿಗೆ ಬುನಾದಿ. ಸಂಘದ ಶತಮಾನೋತ್ಸವದ ಹಿನ್ನೆಲೆಯಲ್ಲಿ ಸಮಾಜದ ಪ್ರತಿಯೊಬ್ಬರೂ ಇವುಗಳನ್ನು ಅಳವಡಿಸಿಕೊಳ್ಳಬೇಕು ಎಂದು ಆರ್‌ಎಸ್‌ಎಸ್ ಗತಿವಿಧಿ ಮಂಗಳೂರು ವಿಭಾಗದ ಟೋಲಿ ಸದಸ್ಯ ಸುರೇಶ್ ಪರ್ಕಳ ಹೇಳಿದರು. ಅಂಬ್ಲಮೊಗರು ಮಂಡಲ ಹಿಂದು ಸಂಗಮ ಸಮಿತಿ ವತಿಯಿಂದ ನಡೆದ ಹಿಂದು ಸಂಗಮ ಕಾರ್ಯಕ್ರಮದಲ್ಲಿ ಅವರು ಮಾತನಾಡಿದರು. ಭಾರತದ ಸಂಸ್ಕೃತಿ ಜಗತ್ತಿಗೆ ಮಾದರಿ. ನಮ್ಮ ಪೂರ್ವಜರು ಬದುಕಿನ ಮೌಲ್ಯಗಳನ್ನು ಕಲಿಸಿಕೊಟ್ಟಿದ್ದಾರೆ. ಕುಟುಂಬ ವ್ಯವಸ್ಥೆ ಭಾರತದ ಶಕ್ತಿ. ಇಂದು ಕುಟುಂಬಗಳು ಒಡೆಯುತ್ತಿವೆ. ಮಕ್ಕಳಿಗೆ ಸಂಸ್ಕಾರ ನೀಡುವ ಕೆಲಸ ಕುಟುಂಬದಿಂದಲೇ ಆರಂಭವಾಗಬೇಕು ಎಂದರು. ಸಮಾಜದಲ್ಲಿ ಜಾತಿ ಭೇದ ಮರೆತು ಎಲ್ಲರೂ ಒಂದಾಗಬೇಕು. ಪರಿಸರ ಸಂರಕ್ಷಣೆ ನಮ್ಮ ಕರ್ತವ್ಯ.	ಅಸ್ಪೃಶ್ಯತೆ ತೊಡೆದು ಹಾಕಿ
ನಮ್ಮಲ್ಲಿ ಇಷ್ಟೊಂದು ಜಾತಿ ಮತ, ಪಂಥಗಳಿದ್ದರೂ ನಾವೆಲ್ಲರೂ ಹಿಂದುಗಳು ಎಂಬ ಭಾವನೆ ಬೆಳೆಸಿಕೊಳ್ಳಬೇಕು. ಅಸ್ಪೃಶ್ಯತೆಯನ್ನು ತೊಡೆದು ಹಾಕಿ ಸಾಮರಸ್ಯದಿಂದ ಬದುಕಬೇಕು. ದೇವಸ್ಥಾನ, ಜಲ, ಸ್ಮಶಾನ ಎಲ್ಲರಿಗೂ ಸಮಾನವಾಗಿರಬೇಕು ಎಂದರು.
ಮಾತ್ರ ಸಮಾಜದಲ್ಲಿ ಸಾಮರಸ್ಯ ನೆಲೆಸಲು ಸಾಧ್ಯ. ಸ್ವದೇಶಿ ವಸ್ತುಗಳನ್ನು ಬಳಸಿ ದೇಶದ ಆರ್ಥಿಕತೆಯನ್ನು ಬಲಪಡಿಸಬೇಕು. ನಾಗರಿಕ ಕರ್ತವ್ಯಗಳನ್ನು ಪಾಲಿಸಿ ಉತ್ತಮ ಪ್ರಜೆಗಳಾಗಬೇಕು. ಮಂಡಲ ಹಿಂದು ಸಂಗಮ ಸಮಿತಿ ಅಧ್ಯಕ್ಷರು ಅಧ್ಯಕ್ಷತೆ ವಹಿಸಿದ್ದರು. ಮಾತೃಶಕ್ತಿ ಪ್ರಮುಖರು, ಸಮಿತಿಯ ಪದಾಧಿಕಾರಿಗಳು ಉಪಸ್ಥಿತರಿದ್ದರು. ಕಾರ್ಯಕ್ರಮಕ್ಕೂ ಮುನ್ನ ಭವ್ಯ ಶೋಭಾಯಾತ್ರೆ ನಡೆಯಿತು.
❛ ಇಡೀ ಜಗತ್ತಿಗೆ ಆಧ್ಯಾತ್ಮದ ಜತೆಗೆ ಆಯುರ್ವೇದ, ವೇದ ಉಪನಿಷತ್ತು, ನಾಟ್ಯ ಶಾಸ್ತ್ರಗಳು, ಸಾಹಿತ್ಯ, ಯೋಗ, ವಿಜ್ಞಾನ ಹೀಗೆ ಹಲವು ಕೊಡುಗೆ ನೀಡಿದ ಸಂಸ್ಕಾರ, ಸಂಸ್ಕೃತಿಗಳನ್ನು ಪರಿಚಯಿಸಿದ ದೇಶ ನಮ್ಮ ಭಾರತ ಎಂಬುದೇ ಹೆಮ್ಮೆಯ ವಿಚಾರ.
ಸುರೇಶ್ ಪರ್ಕಳ
ಆಚರಿಸುವ ನಿಂದಿಸುತ್ತಾರೆ. ಹಿಂದು ಸಮಾಜದ ಬಗ್ಗೆ ಅಭಿಮಾನ ಬೆಳೆಸಿಕೊಳ್ಳಬೇಕು. ಸಂಘದ ಕಾರ್ಯಕರ್ತರು ಸಮಾಜಕ್ಕಾಗಿ ನಿಸ್ವಾರ್ಥ ಸೇವೆ ಸಲ್ಲಿಸುತ್ತಿದ್ದಾರೆ. ಪ್ರಕೃತಿ ವಿಕೋಪದ ಸಂದರ್ಭದಲ್ಲಿ ಸ್ವಯಂಸೇವಕರು ಜನರ ನೆರವಿಗೆ ಧಾವಿಸುತ್ತಾರೆ. ಮನೆಯಲ್ಲಿ ಮಕ್ಕಳಿಗೆ ರಾಮಾಯಣ, ಮಹಾಭಾರತದ ಕಥೆಗಳನ್ನು ಹೇಳಬೇಕು. ವಿದೇಶಿ ಸಂಸ್ಕೃತಿಯ ಅನುಕರಣೆ ಬಿಟ್ಟು ನಮ್ಮ ಸಂಸ್ಕೃತಿಯನ್ನು ಉಳಿಸಬೇಕು ಎಂದರು.
ವಿಶ್ವದಲ್ಲಿ ಹಿಂದು ಧರ್ಮಕ್ಕೆ ವಿಶೇಷ ಸ್ಥಾನವಿದೆ. ಜಗತ್ತಿನ ಕಲ್ಯಾಣ ಬಯಸುವ ಧರ್ಮ ನಮ್ಮದು. ಶಾಂತಿ, ಸಹಬಾಳ್ವೆಯ ಸಂದೇಶ ಸಾರಿದ ದೇಶ ಭಾರತ. ಸಂಘಟಿತ ಸಮಾಜದಿಂದ ಮಾತ್ರ ರಾಷ್ಟ್ರದ ಪ್ರಗತಿ ಸಾಧ್ಯ. ಸಮಿತಿಯ ಪದಾಧಿಕಾರಿಗಳು ಸ್ವಾಗತಿಸಿದರು, ವಂದಿಸಿದರು. ಕಾರ್ಯಕ್ರಮದಲ್ಲಿ ಅಂಬ್ಲಮೊಗರು ಗ್ರಾಮದ ವಿವಿಧ ಭಾಗಗಳಿಂದ ಸಾವಿರಾರು ಮಂದಿ ಪಾಲ್ಗೊಂಡಿದ್ದರು.
